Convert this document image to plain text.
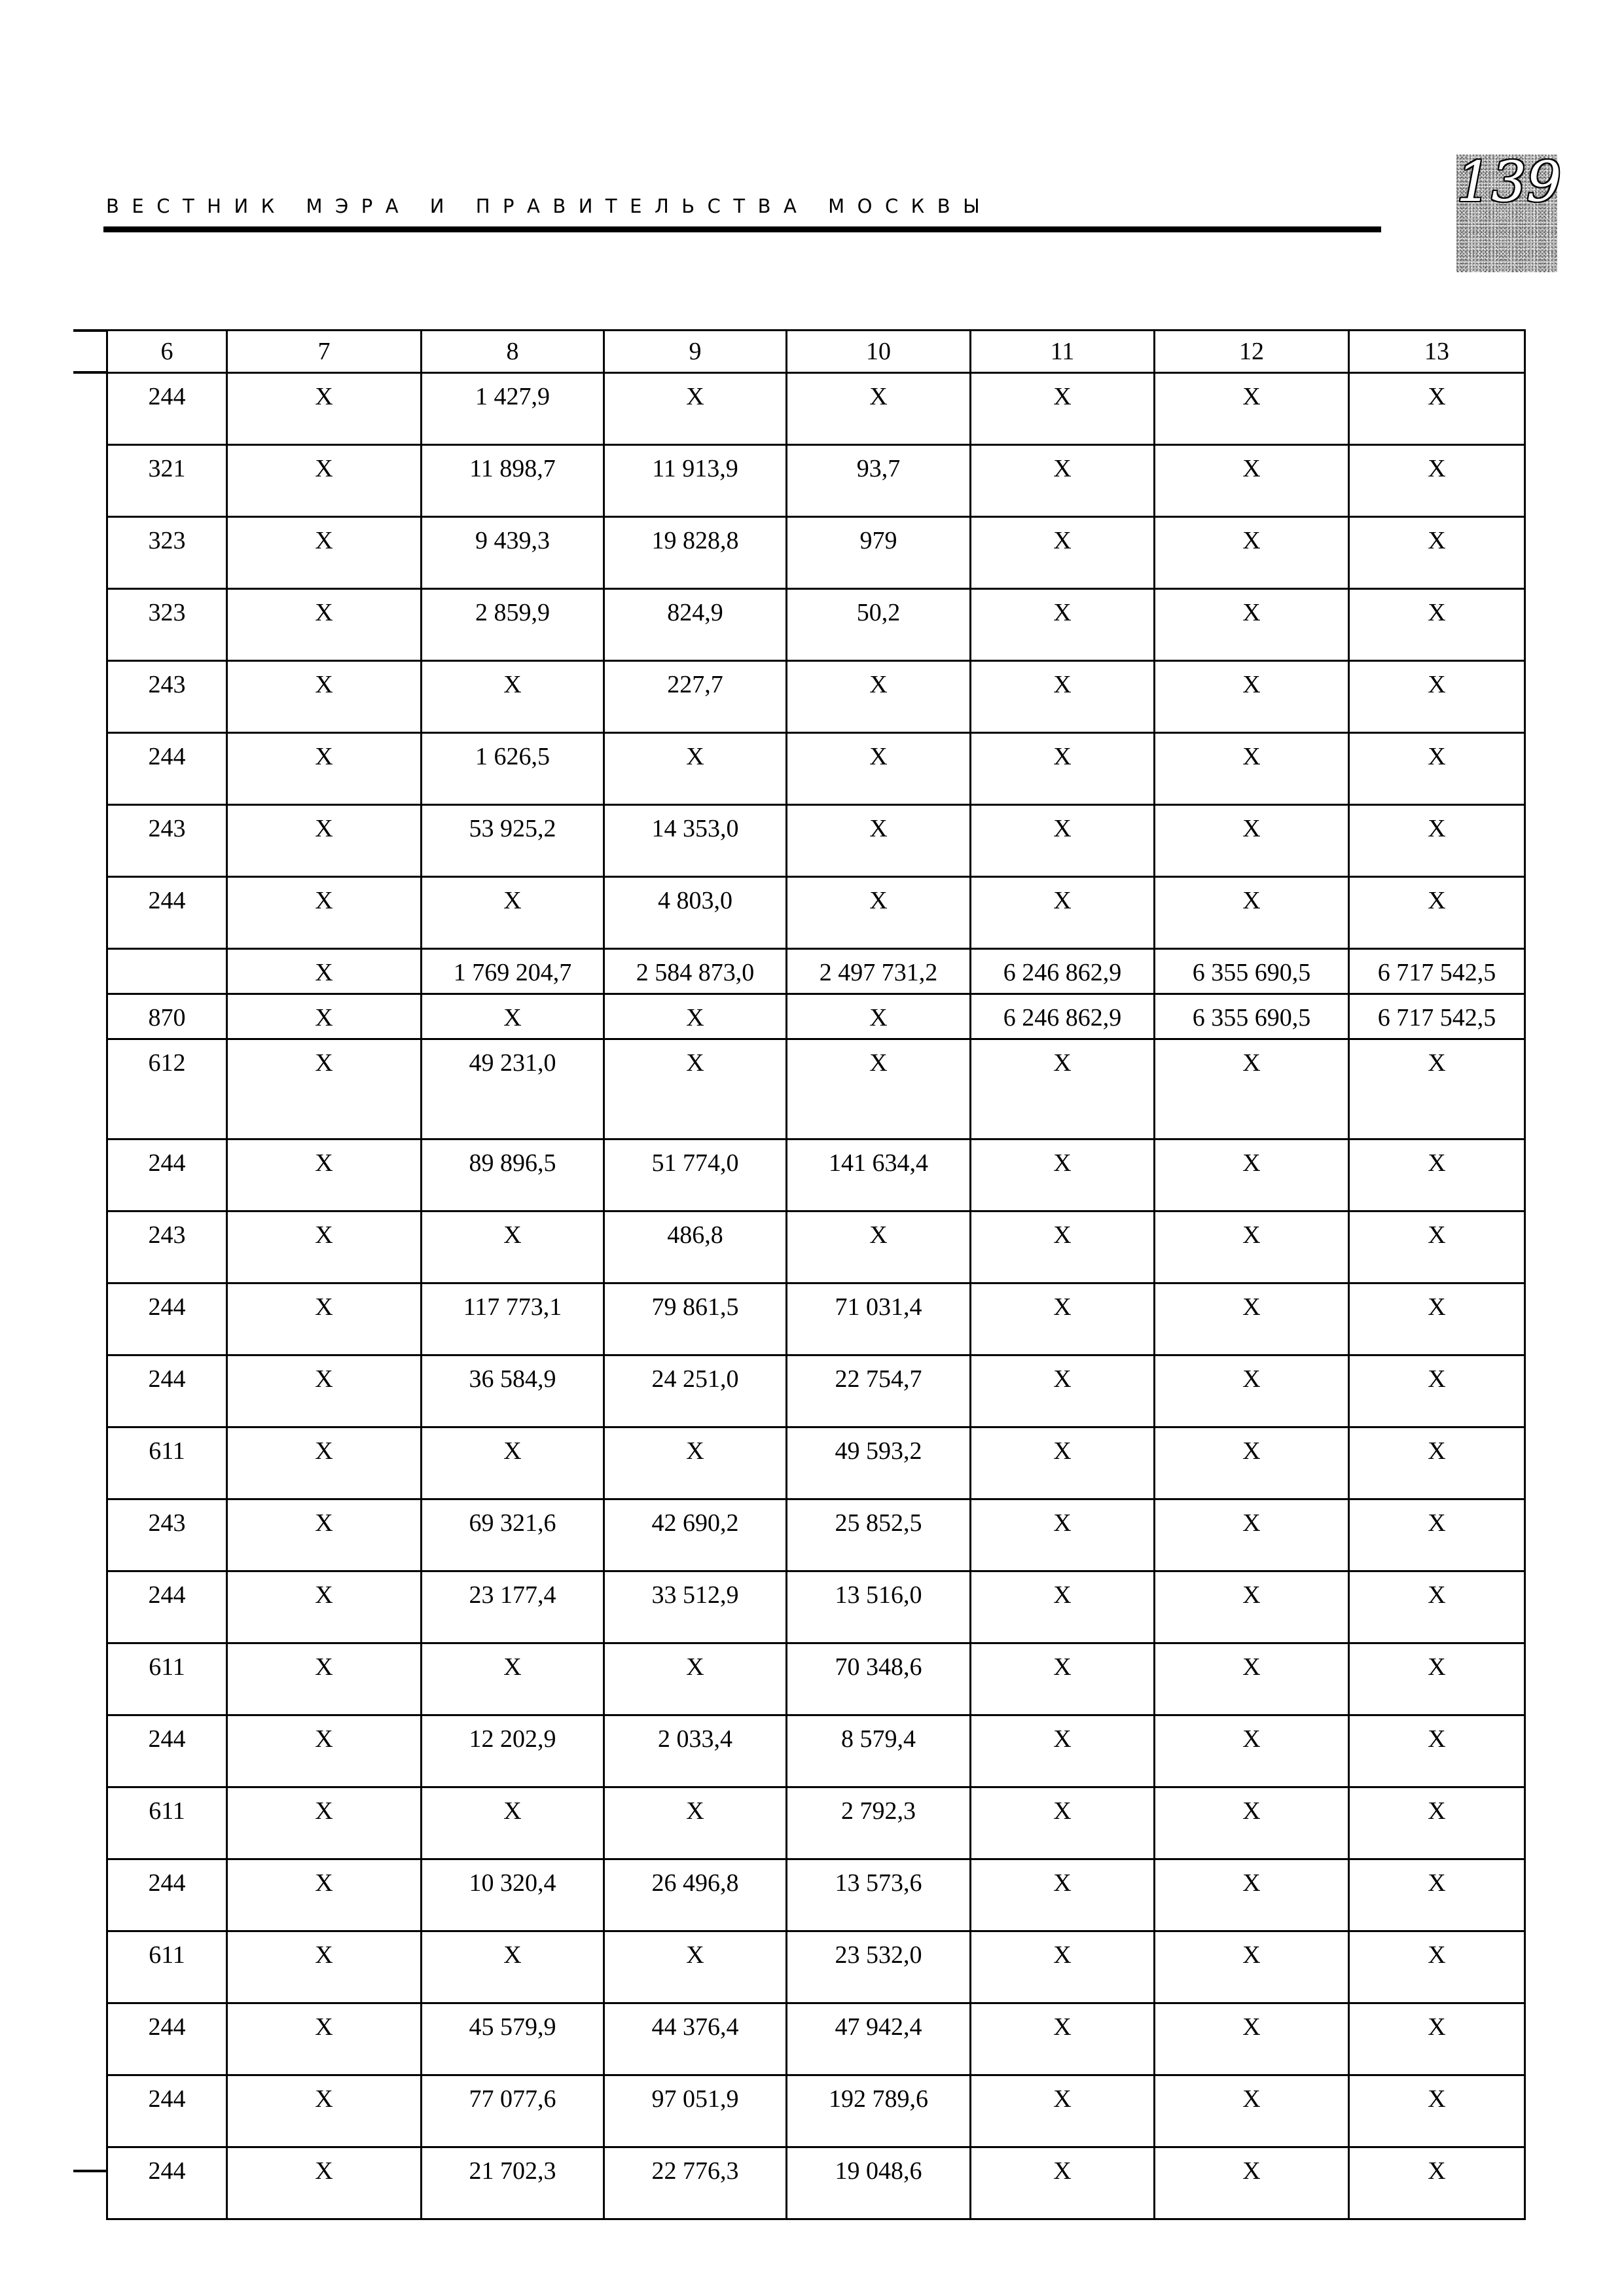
ВЕСТНИК МЭРА И ПРАВИТЕЛЬСТВА МОСКВЫ	139
6	7	8	9	10	11	12	13
244	X	1 427,9	X	X	X	X	X
321	X	11 898,7	11 913,9	93,7	X	X	X
323	X	9 439,3	19 828,8	979	X	X	X
323	X	2 859,9	824,9	50,2	X	X	X
243	X	X	227,7	X	X	X	X
244	X	1 626,5	X	X	X	X	X
243	X	53 925,2	14 353,0	X	X	X	X
244	X	X	4 803,0	X	X	X	X
	X	1 769 204,7	2 584 873,0	2 497 731,2	6 246 862,9	6 355 690,5	6 717 542,5
870	X	X	X	X	6 246 862,9	6 355 690,5	6 717 542,5
612	X	49 231,0	X	X	X	X	X
244	X	89 896,5	51 774,0	141 634,4	X	X	X
243	X	X	486,8	X	X	X	X
244	X	117 773,1	79 861,5	71 031,4	X	X	X
244	X	36 584,9	24 251,0	22 754,7	X	X	X
611	X	X	X	49 593,2	X	X	X
243	X	69 321,6	42 690,2	25 852,5	X	X	X
244	X	23 177,4	33 512,9	13 516,0	X	X	X
611	X	X	X	70 348,6	X	X	X
244	X	12 202,9	2 033,4	8 579,4	X	X	X
611	X	X	X	2 792,3	X	X	X
244	X	10 320,4	26 496,8	13 573,6	X	X	X
611	X	X	X	23 532,0	X	X	X
244	X	45 579,9	44 376,4	47 942,4	X	X	X
244	X	77 077,6	97 051,9	192 789,6	X	X	X
244	X	21 702,3	22 776,3	19 048,6	X	X	X
